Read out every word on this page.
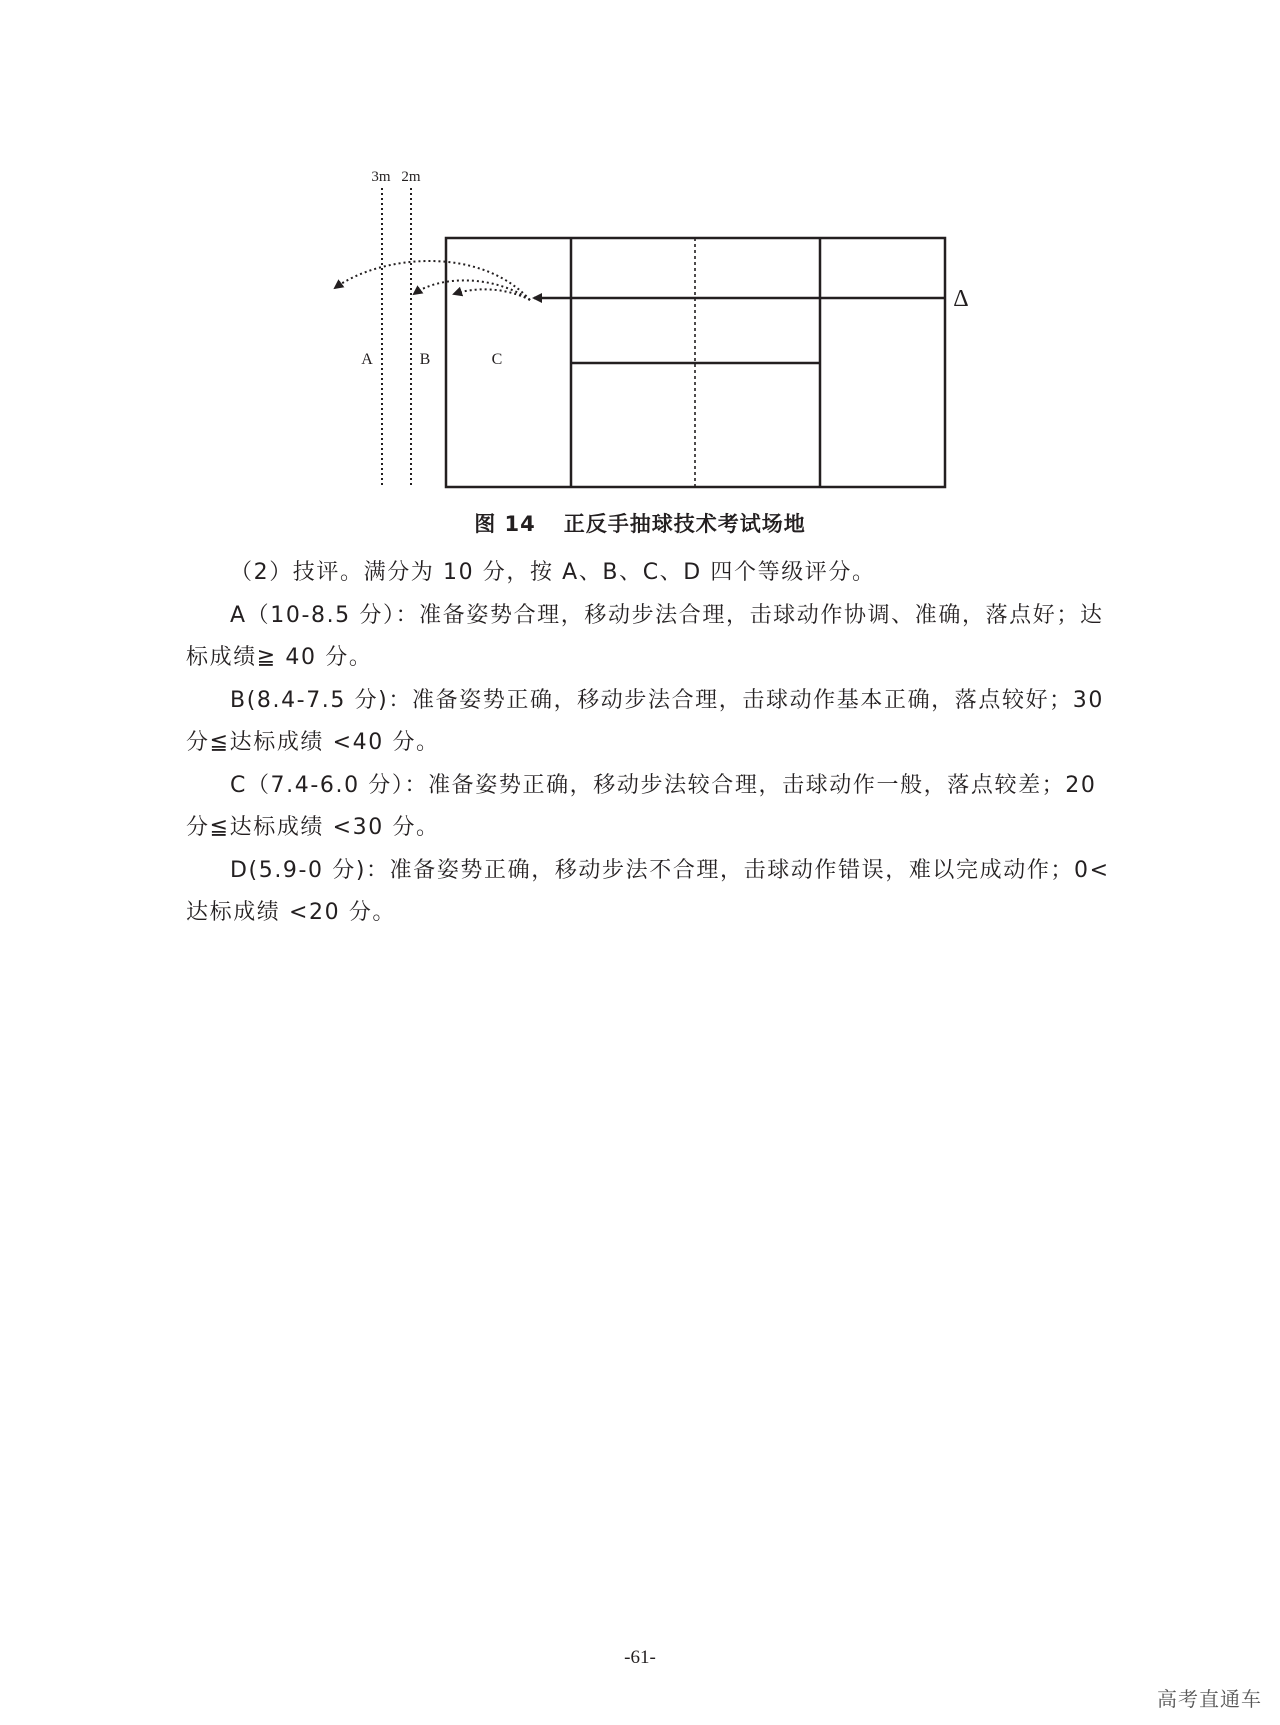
3m 2m
A	B	C
Δ
图 14 正反手抽球技术考试场地

（2）技评。满分为 10 分，按 A、B、C、D 四个等级评分。

A（10-8.5 分）：准备姿势合理，移动步法合理，击球动作协调、准确，落点好；达标成绩≧ 40 分。

B(8.4-7.5 分)：准备姿势正确，移动步法合理，击球动作基本正确，落点较好；30 分≦达标成绩 <40 分。

C（7.4-6.0 分）：准备姿势正确，移动步法较合理，击球动作一般，落点较差；20 分≦达标成绩 <30 分。

D(5.9-0 分)：准备姿势正确，移动步法不合理，击球动作错误，难以完成动作；0< 达标成绩 <20 分。

-61-
高考直通车
